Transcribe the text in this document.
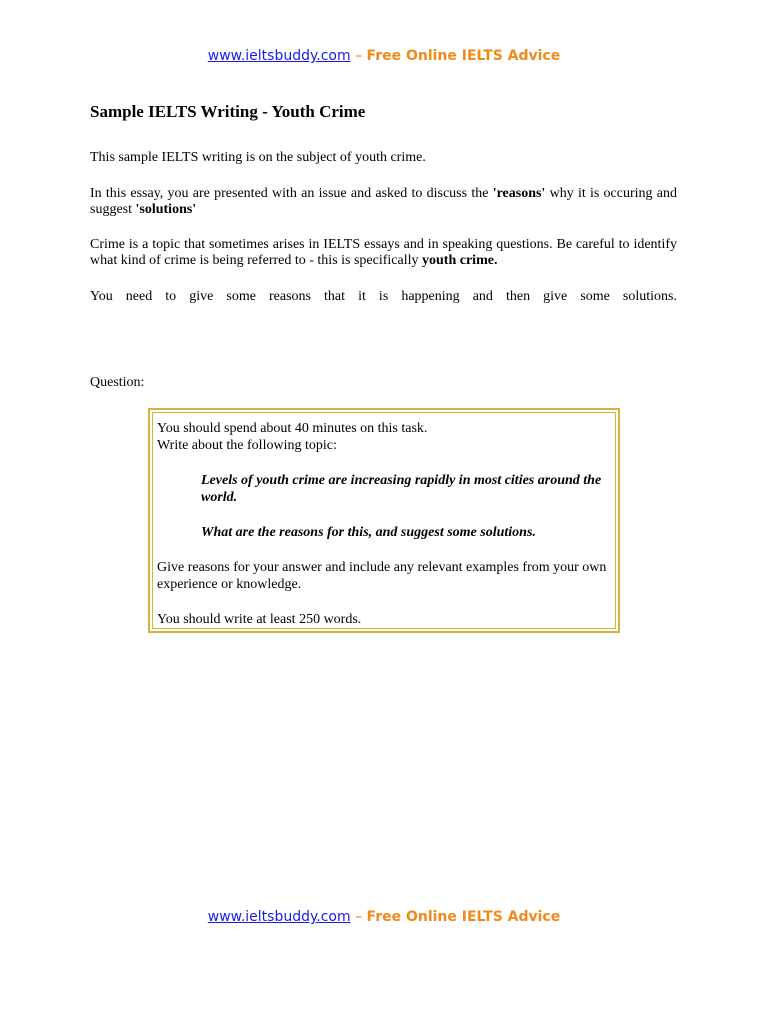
www.ieltsbuddy.com – Free Online IELTS Advice
Sample IELTS Writing - Youth Crime

This sample IELTS writing is on the subject of youth crime.

In this essay, you are presented with an issue and asked to discuss the 'reasons' why it is occuring and suggest 'solutions'

Crime is a topic that sometimes arises in IELTS essays and in speaking questions. Be careful to identify what kind of crime is being referred to - this is specifically youth crime.

You need to give some reasons that it is happening and then give some solutions.

Question:

You should spend about 40 minutes on this task.

Write about the following topic:

Levels of youth crime are increasing rapidly in most cities around the world.

What are the reasons for this, and suggest some solutions.

Give reasons for your answer and include any relevant examples from your own experience or knowledge.

You should write at least 250 words.

www.ieltsbuddy.com – Free Online IELTS Advice
